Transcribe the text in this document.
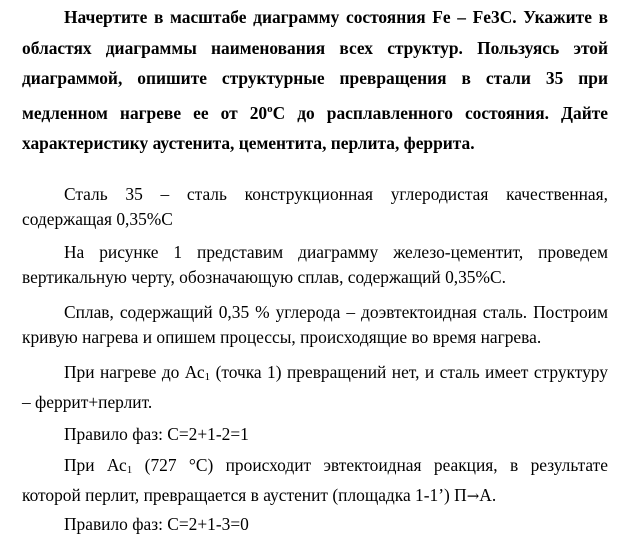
Начертите в масштабе диаграмму состояния Fe – Fe3C. Укажите в
областях диаграммы наименования всех структур. Пользуясь этой
диаграммой, опишите структурные превращения в стали 35 при
медленном нагреве ее от 20$^o$С до расплавленного состояния. Дайте
характеристику аустенита, цементита, перлита, феррита.
Сталь 35 – сталь конструкционная углеродистая качественная,
содержащая 0,35%С
На рисунке 1 представим диаграмму железо-цементит, проведем
вертикальную черту, обозначающую сплав, содержащий 0,35%С.
Сплав, содержащий 0,35 % углерода – доэвтектоидная сталь. Построим
кривую нагрева и опишем процессы, происходящие во время нагрева.
При нагреве до $Ас_1$ (точка 1) превращений нет, и сталь имеет структуру
– феррит+перлит.
Правило фаз: С=2+1-2=1
При $Ас_1$ (727 °С) происходит эвтектоидная реакция, в результате
которой перлит, превращается в аустенит (площадка 1-1’) П→А.
Правило фаз: С=2+1-3=0
